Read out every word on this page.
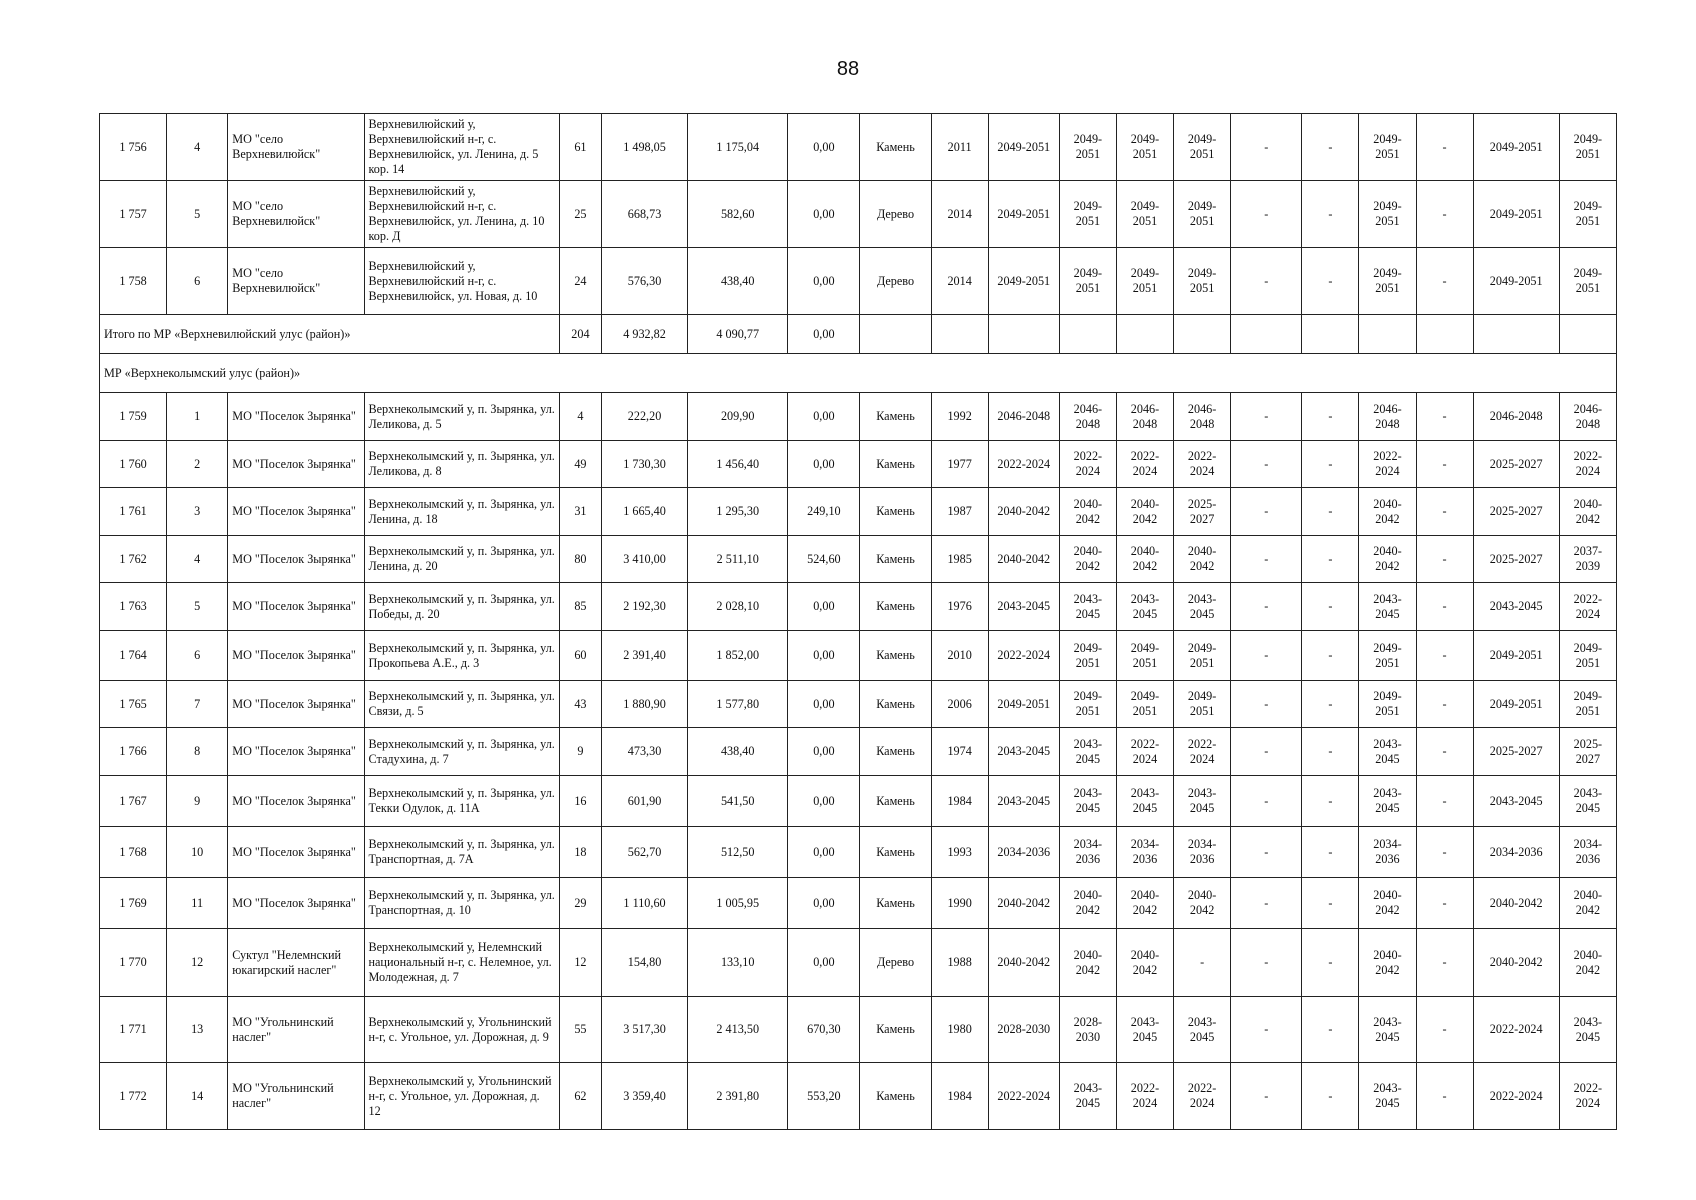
88
1 756	4	МО "село Верхневилюйск"	Верхневилюйский у, Верхневилюйский н-г, с. Верхневилюйск, ул. Ленина, д. 5 кор. 14	61	1 498,05	1 175,04	0,00	Камень	2011	2049-2051	2049-2051	2049-2051	2049-2051	-	-	2049-2051	-	2049-2051	2049-2051
1 757	5	МО "село Верхневилюйск"	Верхневилюйский у, Верхневилюйский н-г, с. Верхневилюйск, ул. Ленина, д. 10 кор. Д	25	668,73	582,60	0,00	Дерево	2014	2049-2051	2049-2051	2049-2051	2049-2051	-	-	2049-2051	-	2049-2051	2049-2051
1 758	6	МО "село Верхневилюйск"	Верхневилюйский у, Верхневилюйский н-г, с. Верхневилюйск, ул. Новая, д. 10	24	576,30	438,40	0,00	Дерево	2014	2049-2051	2049-2051	2049-2051	2049-2051	-	-	2049-2051	-	2049-2051	2049-2051
Итого по МР «Верхневилюйский улус (район)»				204	4 932,82	4 090,77	0,00												
МР «Верхнеколымский улус (район)»																			
1 759	1	МО "Поселок Зырянка"	Верхнеколымский у, п. Зырянка, ул. Леликова, д. 5	4	222,20	209,90	0,00	Камень	1992	2046-2048	2046-2048	2046-2048	2046-2048	-	-	2046-2048	-	2046-2048	2046-2048
1 760	2	МО "Поселок Зырянка"	Верхнеколымский у, п. Зырянка, ул. Леликова, д. 8	49	1 730,30	1 456,40	0,00	Камень	1977	2022-2024	2022-2024	2022-2024	2022-2024	-	-	2022-2024	-	2025-2027	2022-2024
1 761	3	МО "Поселок Зырянка"	Верхнеколымский у, п. Зырянка, ул. Ленина, д. 18	31	1 665,40	1 295,30	249,10	Камень	1987	2040-2042	2040-2042	2040-2042	2025-2027	-	-	2040-2042	-	2025-2027	2040-2042
1 762	4	МО "Поселок Зырянка"	Верхнеколымский у, п. Зырянка, ул. Ленина, д. 20	80	3 410,00	2 511,10	524,60	Камень	1985	2040-2042	2040-2042	2040-2042	2040-2042	-	-	2040-2042	-	2025-2027	2037-2039
1 763	5	МО "Поселок Зырянка"	Верхнеколымский у, п. Зырянка, ул. Победы, д. 20	85	2 192,30	2 028,10	0,00	Камень	1976	2043-2045	2043-2045	2043-2045	2043-2045	-	-	2043-2045	-	2043-2045	2022-2024
1 764	6	МО "Поселок Зырянка"	Верхнеколымский у, п. Зырянка, ул. Прокопьева А.Е., д. 3	60	2 391,40	1 852,00	0,00	Камень	2010	2022-2024	2049-2051	2049-2051	2049-2051	-	-	2049-2051	-	2049-2051	2049-2051
1 765	7	МО "Поселок Зырянка"	Верхнеколымский у, п. Зырянка, ул. Связи, д. 5	43	1 880,90	1 577,80	0,00	Камень	2006	2049-2051	2049-2051	2049-2051	2049-2051	-	-	2049-2051	-	2049-2051	2049-2051
1 766	8	МО "Поселок Зырянка"	Верхнеколымский у, п. Зырянка, ул. Стадухина, д. 7	9	473,30	438,40	0,00	Камень	1974	2043-2045	2043-2045	2022-2024	2022-2024	-	-	2043-2045	-	2025-2027	2025-2027
1 767	9	МО "Поселок Зырянка"	Верхнеколымский у, п. Зырянка, ул. Текки Одулок, д. 11А	16	601,90	541,50	0,00	Камень	1984	2043-2045	2043-2045	2043-2045	2043-2045	-	-	2043-2045	-	2043-2045	2043-2045
1 768	10	МО "Поселок Зырянка"	Верхнеколымский у, п. Зырянка, ул. Транспортная, д. 7А	18	562,70	512,50	0,00	Камень	1993	2034-2036	2034-2036	2034-2036	2034-2036	-	-	2034-2036	-	2034-2036	2034-2036
1 769	11	МО "Поселок Зырянка"	Верхнеколымский у, п. Зырянка, ул. Транспортная, д. 10	29	1 110,60	1 005,95	0,00	Камень	1990	2040-2042	2040-2042	2040-2042	2040-2042	-	-	2040-2042	-	2040-2042	2040-2042
1 770	12	Суктул "Нелемнский юкагирский наслег"	Верхнеколымский у, Нелемнский национальный н-г, с. Нелемное, ул. Молодежная, д. 7	12	154,80	133,10	0,00	Дерево	1988	2040-2042	2040-2042	2040-2042	-	-	-	2040-2042	-	2040-2042	2040-2042
1 771	13	МО "Угольнинский наслег"	Верхнеколымский у, Угольнинский н-г, с. Угольное, ул. Дорожная, д. 9	55	3 517,30	2 413,50	670,30	Камень	1980	2028-2030	2028-2030	2043-2045	2043-2045	-	-	2043-2045	-	2022-2024	2043-2045
1 772	14	МО "Угольнинский наслег"	Верхнеколымский у, Угольнинский н-г, с. Угольное, ул. Дорожная, д. 12	62	3 359,40	2 391,80	553,20	Камень	1984	2022-2024	2043-2045	2022-2024	2022-2024	-	-	2043-2045	-	2022-2024	2022-2024
